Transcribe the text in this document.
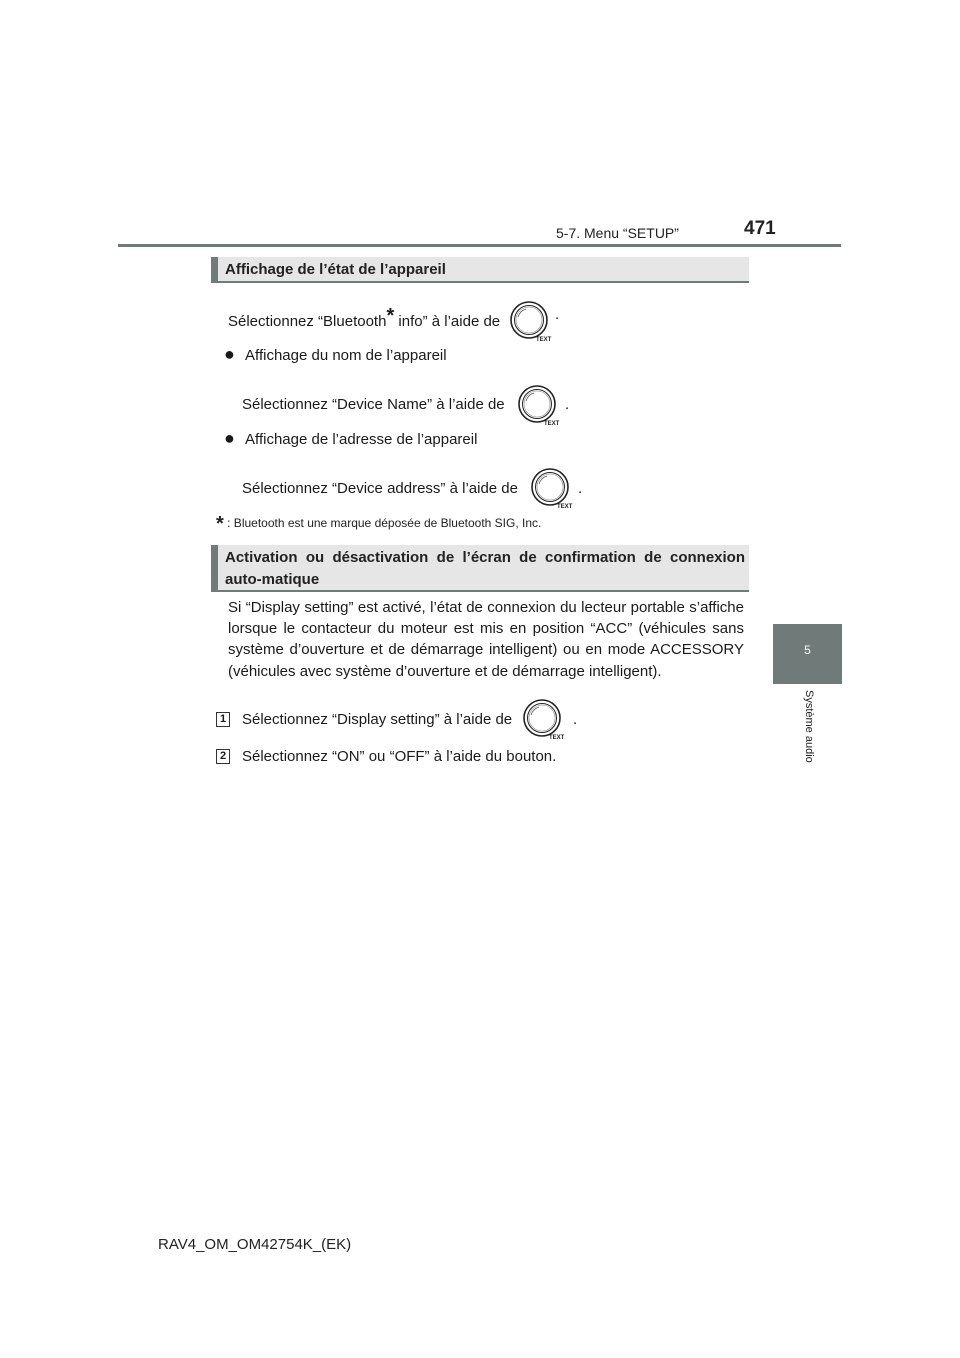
5-7. Menu “SETUP”	471
5
Système audio
Affichage de l’état de l’appareil
Sélectionnez “Bluetooth* info” à l’aide de
TEXT
.
● Affichage du nom de l’appareil
Sélectionnez “Device Name” à l’aide de
TEXT
.
● Affichage de l’adresse de l’appareil
Sélectionnez “Device address” à l’aide de
TEXT
.
* : Bluetooth est une marque déposée de Bluetooth SIG, Inc.
Activation ou désactivation de l’écran de confirmation de connexion auto-matique
Si “Display setting” est activé, l’état de connexion du lecteur portable s’affiche lorsque le contacteur du moteur est mis en position “ACC” (véhicules sans système d’ouverture et de démarrage intelligent) ou en mode ACCESSORY (véhicules avec système d’ouverture et de démarrage intelligent).
1 Sélectionnez “Display setting” à l’aide de
TEXT
.
2 Sélectionnez “ON” ou “OFF” à l’aide du bouton.
RAV4_OM_OM42754K_(EK)
